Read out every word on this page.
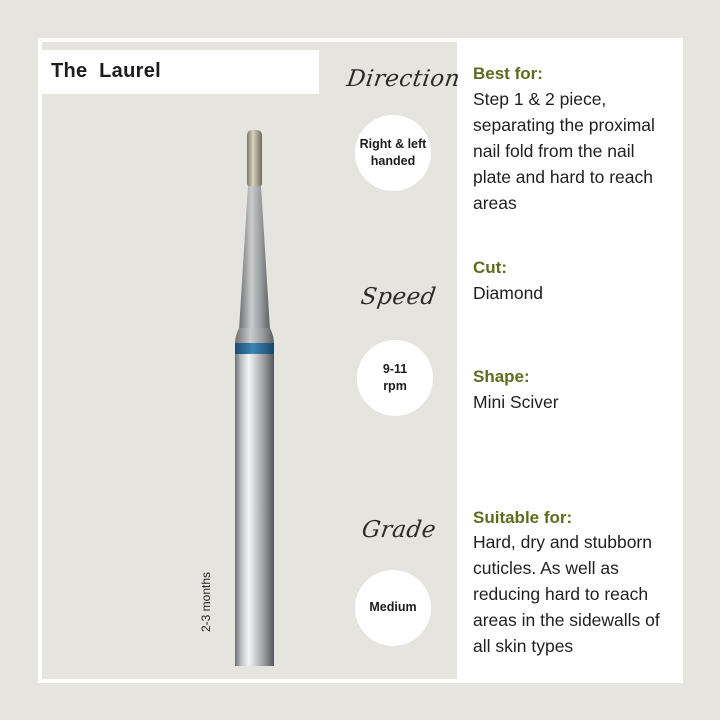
The  Laurel	Direction
Right & left
handed
Speed
9-11
rpm
Grade
Medium
2-3 months
Best for:
Step 1 & 2 piece,
separating the proximal
nail fold from the nail
plate and hard to reach
areas
Cut:
Diamond
Shape:
Mini Sciver
Suitable for:
Hard, dry and stubborn
cuticles. As well as
reducing hard to reach
areas in the sidewalls of
all skin types
